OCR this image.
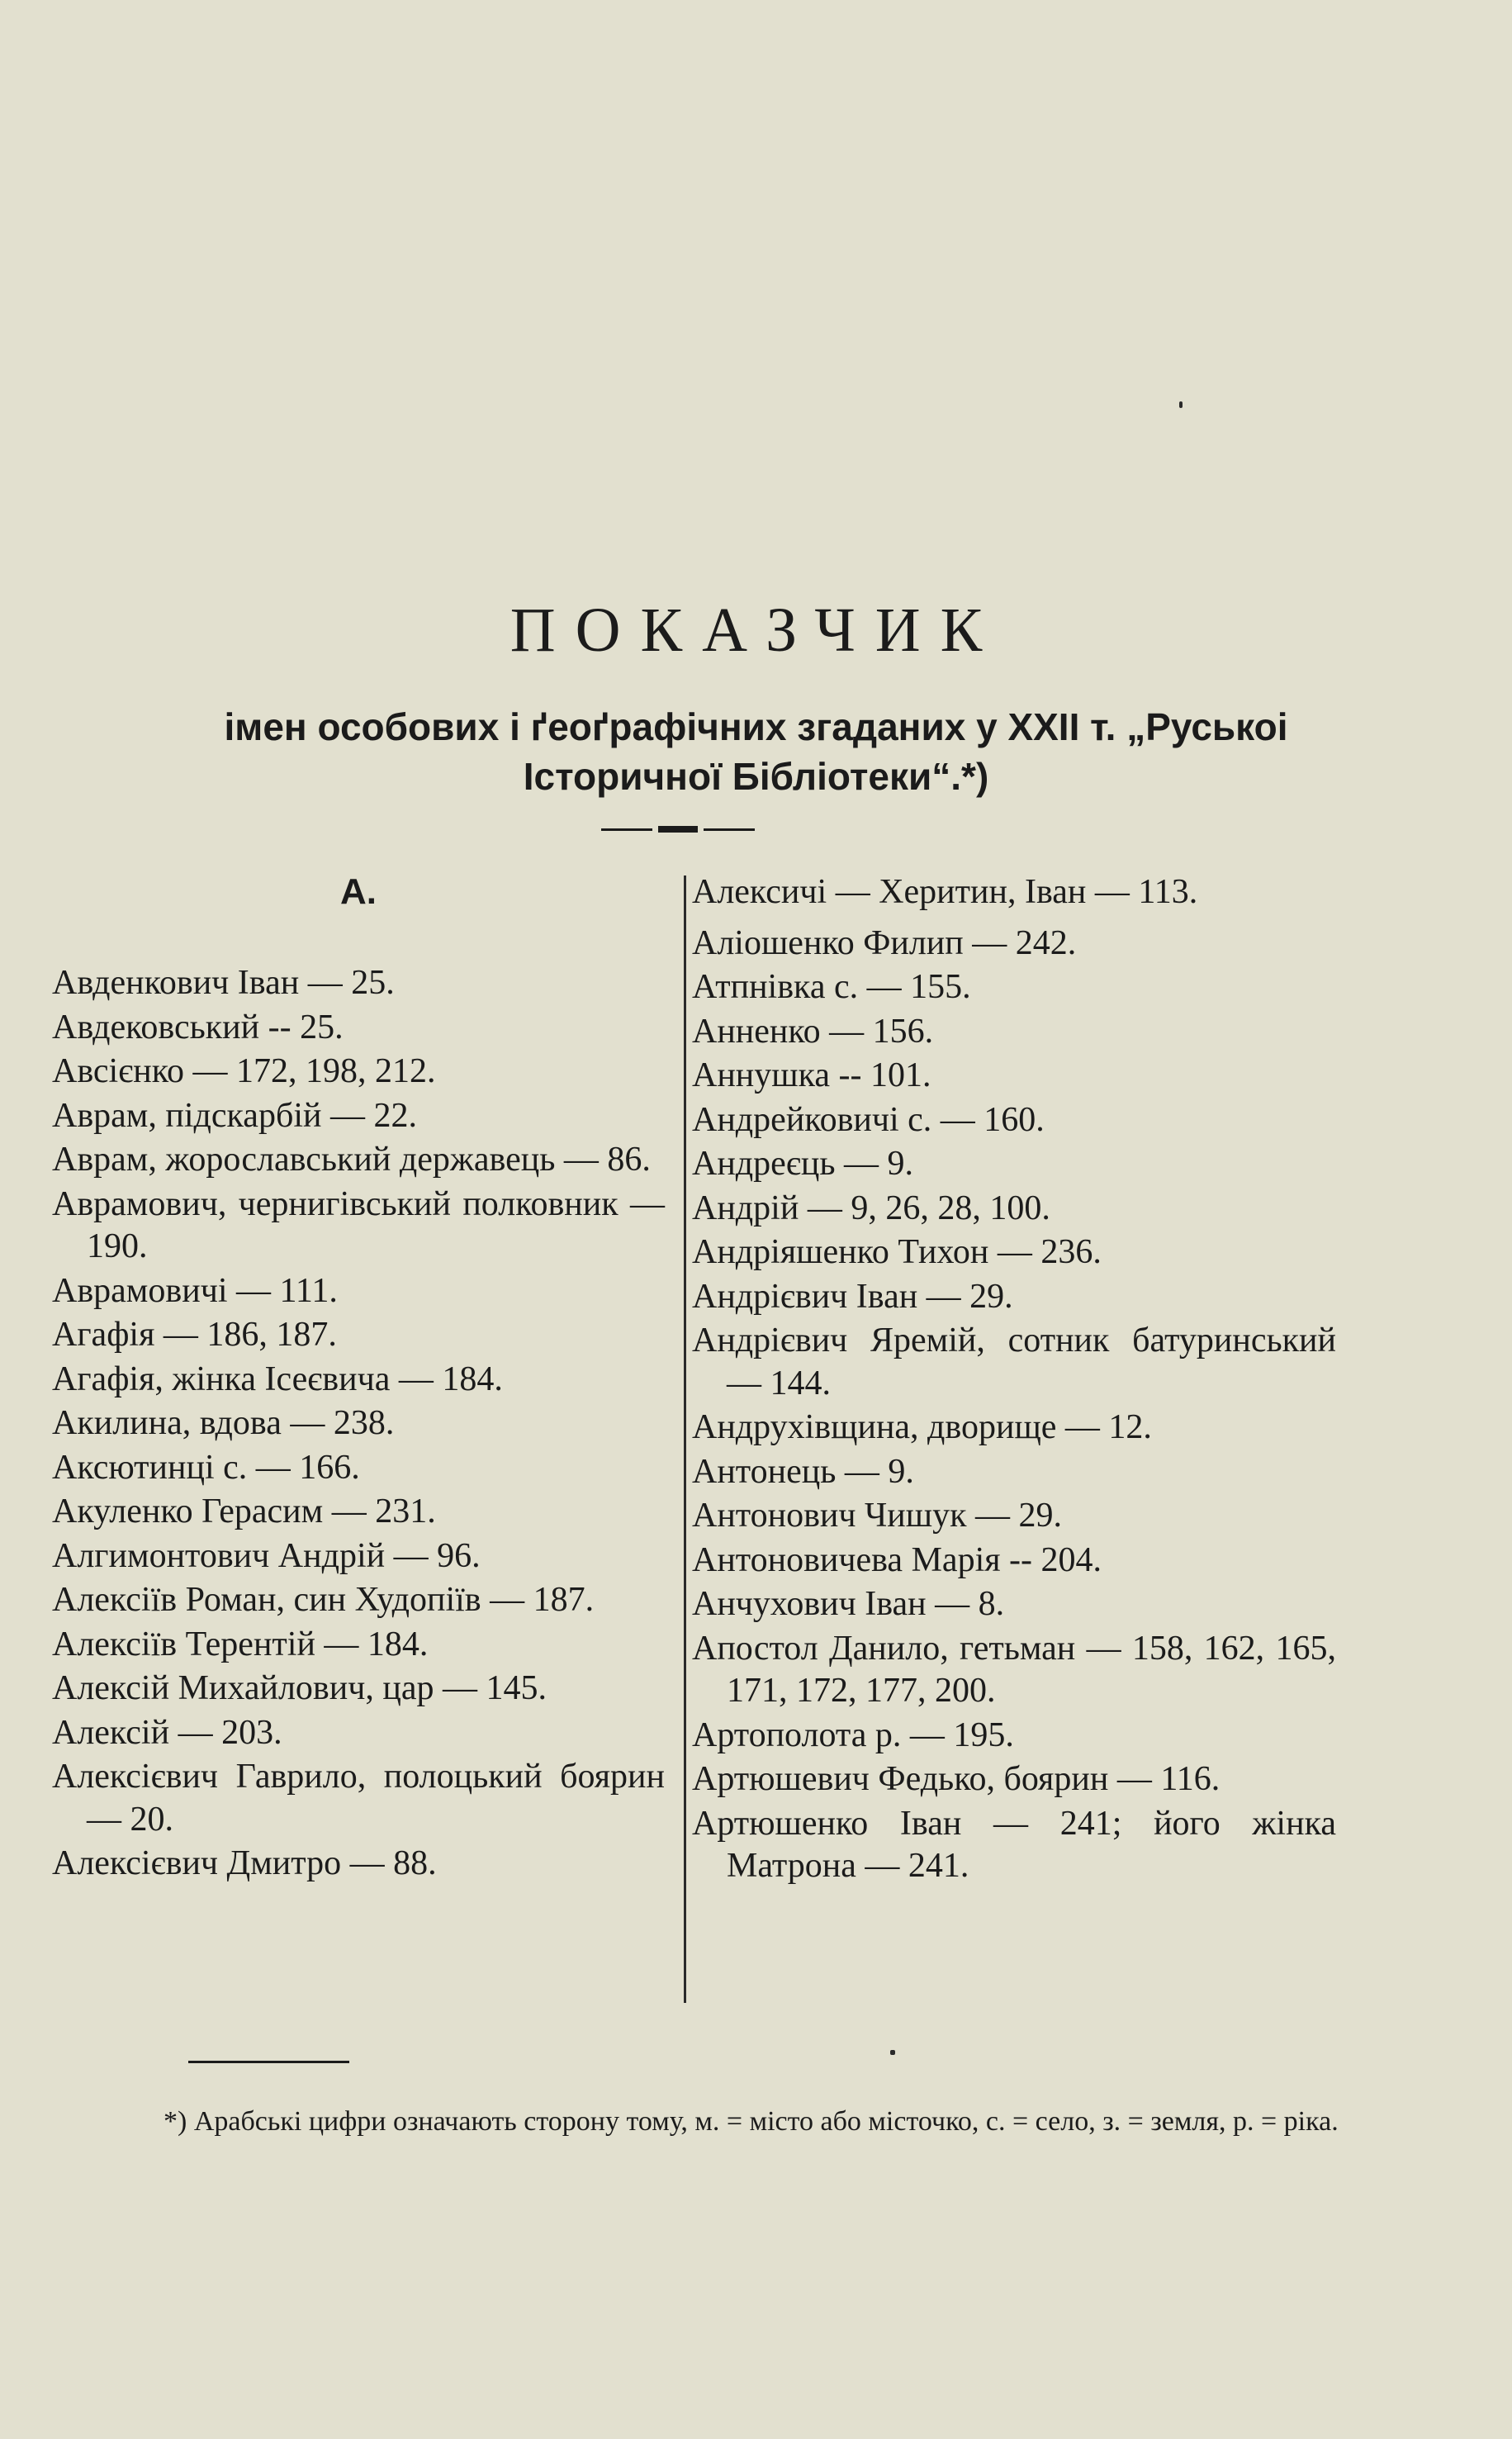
ПОКАЗЧИК
імен особових і ґеоґрафічних згаданих у XXII т. „Руськоі
Історичної Бібліотеки“.*)
А.
Авденкович Іван — 25.
Авдековський -- 25.
Авсієнко — 172, 198, 212.
Аврам, підскарбій — 22.
Аврам, жорославський державець — 86.
Аврамович, чернигівський полковник — 190.
Аврамовичі — 111.
Агафія — 186, 187.
Агафія, жінка Ісеєвича — 184.
Акилина, вдова — 238.
Аксютинці с. — 166.
Акуленко Герасим — 231.
Алгимонтович Андрій — 96.
Алексіїв Роман, син Худопіїв — 187.
Алексіїв Терентій — 184.
Алексій Михайлович, цар — 145.
Алексій — 203.
Алексієвич Гаврило, полоцький боярин — 20.
Алексієвич Дмитро — 88.
Алексичі — Херитин, Іван — 113.
Аліошенко Филип — 242.
Атпнівка с. — 155.
Анненко — 156.
Аннушка -- 101.
Андрейковичі с. — 160.
Андреєць — 9.
Андрій — 9, 26, 28, 100.
Андріяшенко Тихон — 236.
Андрієвич Іван — 29.
Андрієвич Яремій, сотник батуринський — 144.
Андрухівщина, дворище — 12.
Антонець — 9.
Антонович Чишук — 29.
Антоновичева Марія -- 204.
Анчухович Іван — 8.
Апостол Данило, гетьман — 158, 162, 165, 171, 172, 177, 200.
Артополота р. — 195.
Артюшевич Федько, боярин — 116.
Артюшенко Іван — 241; його жінка Матрона — 241.
*) Арабські цифри означають сторону тому, м. = місто або місточко, с. = село, з. = земля, р. = ріка.
